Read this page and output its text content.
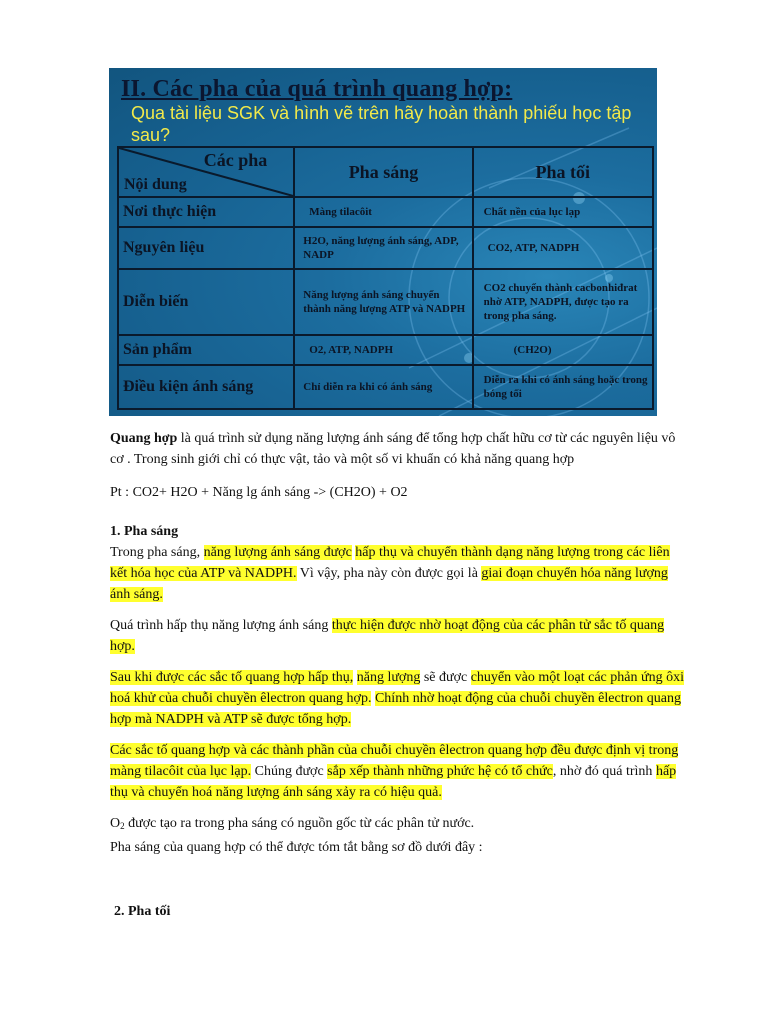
II. Các pha của quá trình quang hợp:
Qua tài liệu SGK và hình vẽ trên hãy hoàn thành phiếu học tập sau?
Các pha
Nội dung	Pha sáng	Pha tối
Nơi thực hiện	Màng tilacôit	Chất nền của lục lạp
Nguyên liệu	H2O, năng lượng ánh sáng, ADP, NADP	CO2, ATP, NADPH
Diễn biến	Năng lượng ánh sáng chuyển thành năng lượng ATP và NADPH	CO2 chuyển thành cacbonhiđrat nhờ ATP, NADPH, được tạo ra trong pha sáng.
Sản phẩm	O2, ATP, NADPH	(CH2O)
Điều kiện ánh sáng	Chỉ diễn ra khi có ánh sáng	Diễn ra khi có ánh sáng hoặc trong bóng tối

Quang hợp là quá trình sử dụng năng lượng ánh sáng để tổng hợp chất hữu cơ từ các nguyên liệu vô cơ . Trong sinh giới chỉ có thực vật, tảo và một số vi khuẩn có khả năng quang hợp

Pt : CO2+ H2O + Năng lg ánh sáng -> (CH2O) + O2

1. Pha sáng

Trong pha sáng, năng lượng ánh sáng được hấp thụ và chuyển thành dạng năng lượng trong các liên kết hóa học của ATP và NADPH. Vì vậy, pha này còn được gọi là giai đoạn chuyển hóa năng lượng ánh sáng.

Quá trình hấp thụ năng lượng ánh sáng thực hiện được nhờ hoạt động của các phân tử sắc tố quang hợp.

Sau khi được các sắc tố quang hợp hấp thụ, năng lượng sẽ được chuyển vào một loạt các phản ứng ôxi hoá khử của chuỗi chuyền êlectron quang hợp. Chính nhờ hoạt động của chuỗi chuyền êlectron quang hợp mà NADPH và ATP sẽ được tổng hợp.

Các sắc tố quang hợp và các thành phần của chuỗi chuyền êlectron quang hợp đều được định vị trong màng tilacôit của lục lạp. Chúng được sắp xếp thành những phức hệ có tổ chức, nhờ đó quá trình hấp thụ và chuyển hoá năng lượng ánh sáng xảy ra có hiệu quả.

$O_2$ được tạo ra trong pha sáng có nguồn gốc từ các phân tử nước.

Pha sáng của quang hợp có thể được tóm tắt bằng sơ đồ dưới đây :

2. Pha tối
